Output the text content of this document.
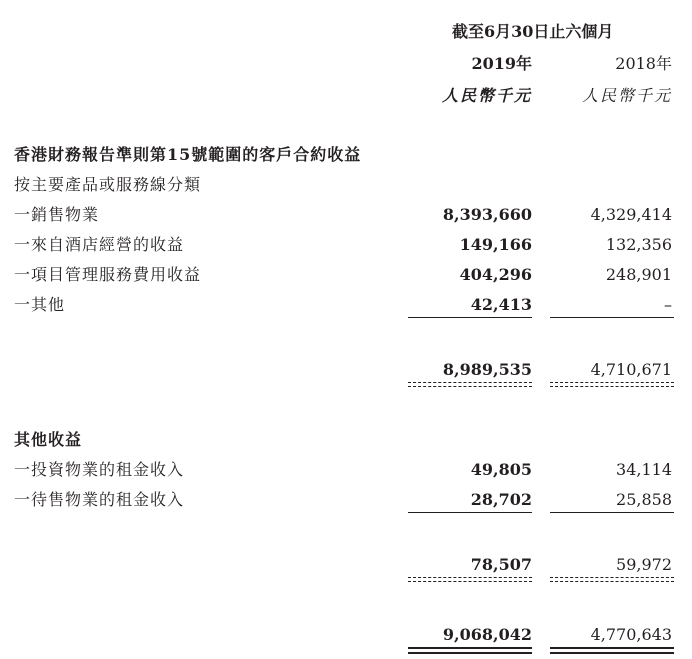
截至6月30日止六個月
2019年	2018年
人民幣千元	人民幣千元
香港財務報告準則第15號範圍的客戶合約收益
按主要產品或服務線分類
一銷售物業	8,393,660	4,329,414
一來自酒店經營的收益	149,166	132,356
一項目管理服務費用收益	404,296	248,901
一其他	42,413	–
8,989,535	4,710,671
其他收益
一投資物業的租金收入	49,805	34,114
一待售物業的租金收入	28,702	25,858
78,507	59,972
9,068,042	4,770,643
